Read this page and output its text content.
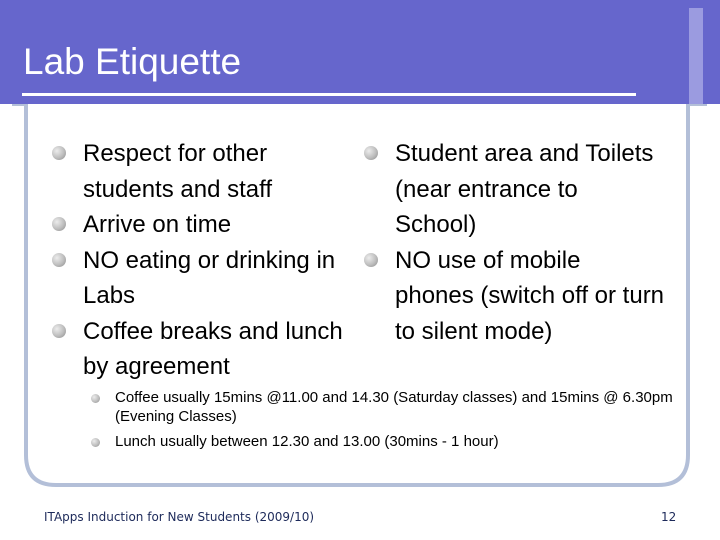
Lab Etiquette
Respect for other students and staff
Arrive on time
NO eating or drinking in Labs
Coffee breaks and lunch by agreement
Student area and Toilets (near entrance to School)
NO use of mobile phones (switch off or turn to silent mode)
Coffee usually 15mins @11.00 and 14.30 (Saturday classes) and 15mins @ 6.30pm (Evening Classes)
Lunch usually between 12.30 and 13.00 (30mins - 1 hour)
ITApps Induction for New Students (2009/10)	12
